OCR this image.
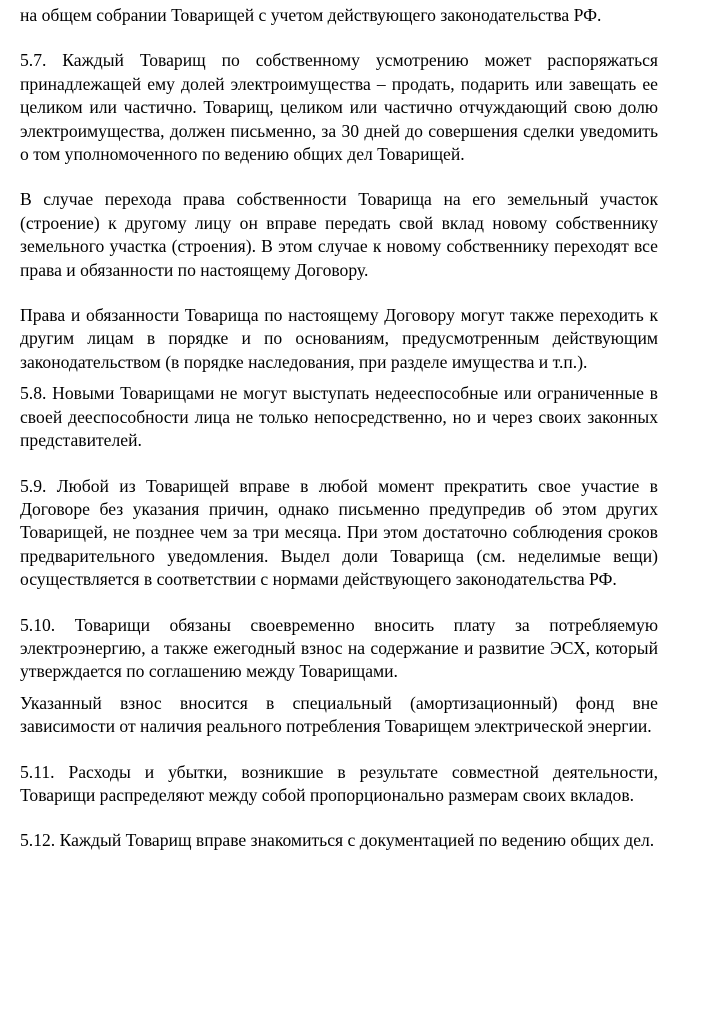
на общем собрании Товарищей с учетом действующего законодательства РФ.

5.7. Каждый Товарищ по собственному усмотрению может распоряжаться принадлежащей ему долей электроимущества – продать, подарить или завещать ее целиком или частично. Товарищ, целиком или частично отчуждающий свою долю электроимущества, должен письменно, за 30 дней до совершения сделки уведомить о том уполномоченного по ведению общих дел Товарищей.

В случае перехода права собственности Товарища на его земельный участок (строение) к другому лицу он вправе передать свой вклад новому собственнику земельного участка (строения). В этом случае к новому собственнику переходят все права и обязанности по настоящему Договору.

Права и обязанности Товарища по настоящему Договору могут также переходить к другим лицам в порядке и по основаниям, предусмотренным действующим законодательством (в порядке наследования, при разделе имущества и т.п.).

5.8. Новыми Товарищами не могут выступать недееспособные или ограниченные в своей дееспособности лица не только непосредственно, но и через своих законных представителей.

5.9. Любой из Товарищей вправе в любой момент прекратить свое участие в Договоре без указания причин, однако письменно предупредив об этом других Товарищей, не позднее чем за три месяца. При этом достаточно соблюдения сроков предварительного уведомления. Выдел доли Товарища (см. неделимые вещи) осуществляется в соответствии с нормами действующего законодательства РФ.

5.10. Товарищи обязаны своевременно вносить плату за потребляемую электроэнергию, а также ежегодный взнос на содержание и развитие ЭСХ, который утверждается по соглашению между Товарищами.

Указанный взнос вносится в специальный (амортизационный) фонд вне зависимости от наличия реального потребления Товарищем электрической энергии.

5.11. Расходы и убытки, возникшие в результате совместной деятельности, Товарищи распределяют между собой пропорционально размерам своих вкладов.

5.12. Каждый Товарищ вправе знакомиться с документацией по ведению общих дел.
